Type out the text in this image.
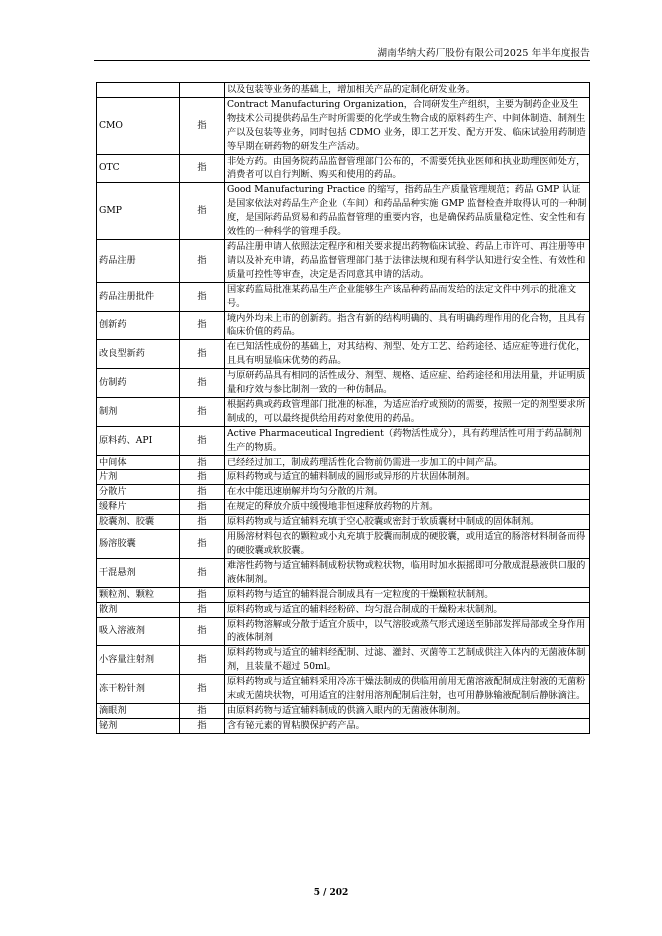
湖南华纳大药厂股份有限公司2025 年半年度报告
		以及包装等业务的基础上，增加相关产品的定制化研发业务。
CMO	指	Contract Manufacturing Organization，合同研发生产组织，主要为制药企业及生物技术公司提供药品生产时所需要的化学或生物合成的原料药生产、中间体制造、制剂生产以及包装等业务，同时包括 CDMO 业务，即工艺开发、配方开发、临床试验用药制造等早期在研药物的研发生产活动。
OTC	指	非处方药。由国务院药品监督管理部门公布的，不需要凭执业医师和执业助理医师处方，消费者可以自行判断、购买和使用的药品。
GMP	指	Good Manufacturing Practice 的缩写，指药品生产质量管理规范；药品 GMP 认证是国家依法对药品生产企业（车间）和药品品种实施 GMP 监督检查并取得认可的一种制度，是国际药品贸易和药品监督管理的重要内容，也是确保药品质量稳定性、安全性和有效性的一种科学的管理手段。
药品注册	指	药品注册申请人依照法定程序和相关要求提出药物临床试验、药品上市许可、再注册等申请以及补充申请，药品监督管理部门基于法律法规和现有科学认知进行安全性、有效性和质量可控性等审查，决定是否同意其申请的活动。
药品注册批件	指	国家药监局批准某药品生产企业能够生产该品种药品而发给的法定文件中列示的批准文号。
创新药	指	境内外均未上市的创新药。指含有新的结构明确的、具有明确药理作用的化合物，且具有临床价值的药品。
改良型新药	指	在已知活性成份的基础上，对其结构、剂型、处方工艺、给药途径、适应症等进行优化，且具有明显临床优势的药品。
仿制药	指	与原研药品具有相同的活性成分、剂型、规格、适应症、给药途径和用法用量，并证明质量和疗效与参比制剂一致的一种仿制品。
制剂	指	根据药典或药政管理部门批准的标准，为适应治疗或预防的需要，按照一定的剂型要求所制成的，可以最终提供给用药对象使用的药品。
原料药、API	指	Active Pharmaceutical Ingredient（药物活性成分），具有药理活性可用于药品制剂生产的物质。
中间体	指	已经经过加工，制成药理活性化合物前仍需进一步加工的中间产品。
片剂	指	原料药物或与适宜的辅料制成的圆形或异形的片状固体制剂。
分散片	指	在水中能迅速崩解并均匀分散的片剂。
缓释片	指	在规定的释放介质中缓慢地非恒速释放药物的片剂。
胶囊剂、胶囊	指	原料药物或与适宜辅料充填于空心胶囊或密封于软质囊材中制成的固体制剂。
肠溶胶囊	指	用肠溶材料包衣的颗粒或小丸充填于胶囊而制成的硬胶囊，或用适宜的肠溶材料制备而得的硬胶囊或软胶囊。
干混悬剂	指	难溶性药物与适宜辅料制成粉状物或粒状物，临用时加水振摇即可分散成混悬液供口服的液体制剂。
颗粒剂、颗粒	指	原料药物与适宜的辅料混合制成具有一定粒度的干燥颗粒状制剂。
散剂	指	原料药物或与适宜的辅料经粉碎、均匀混合制成的干燥粉末状制剂。
吸入溶液剂	指	原料药物溶解或分散于适宜介质中，以气溶胶或蒸气形式递送至肺部发挥局部或全身作用的液体制剂
小容量注射剂	指	原料药物或与适宜的辅料经配制、过滤、灌封、灭菌等工艺制成供注入体内的无菌液体制剂，且装量不超过 50ml。
冻干粉针剂	指	原料药物或与适宜辅料采用冷冻干燥法制成的供临用前用无菌溶液配制成注射液的无菌粉末或无菌块状物，可用适宜的注射用溶剂配制后注射，也可用静脉输液配制后静脉滴注。
滴眼剂	指	由原料药物与适宜辅料制成的供滴入眼内的无菌液体制剂。
铋剂	指	含有铋元素的胃粘膜保护药产品。
5 / 202
